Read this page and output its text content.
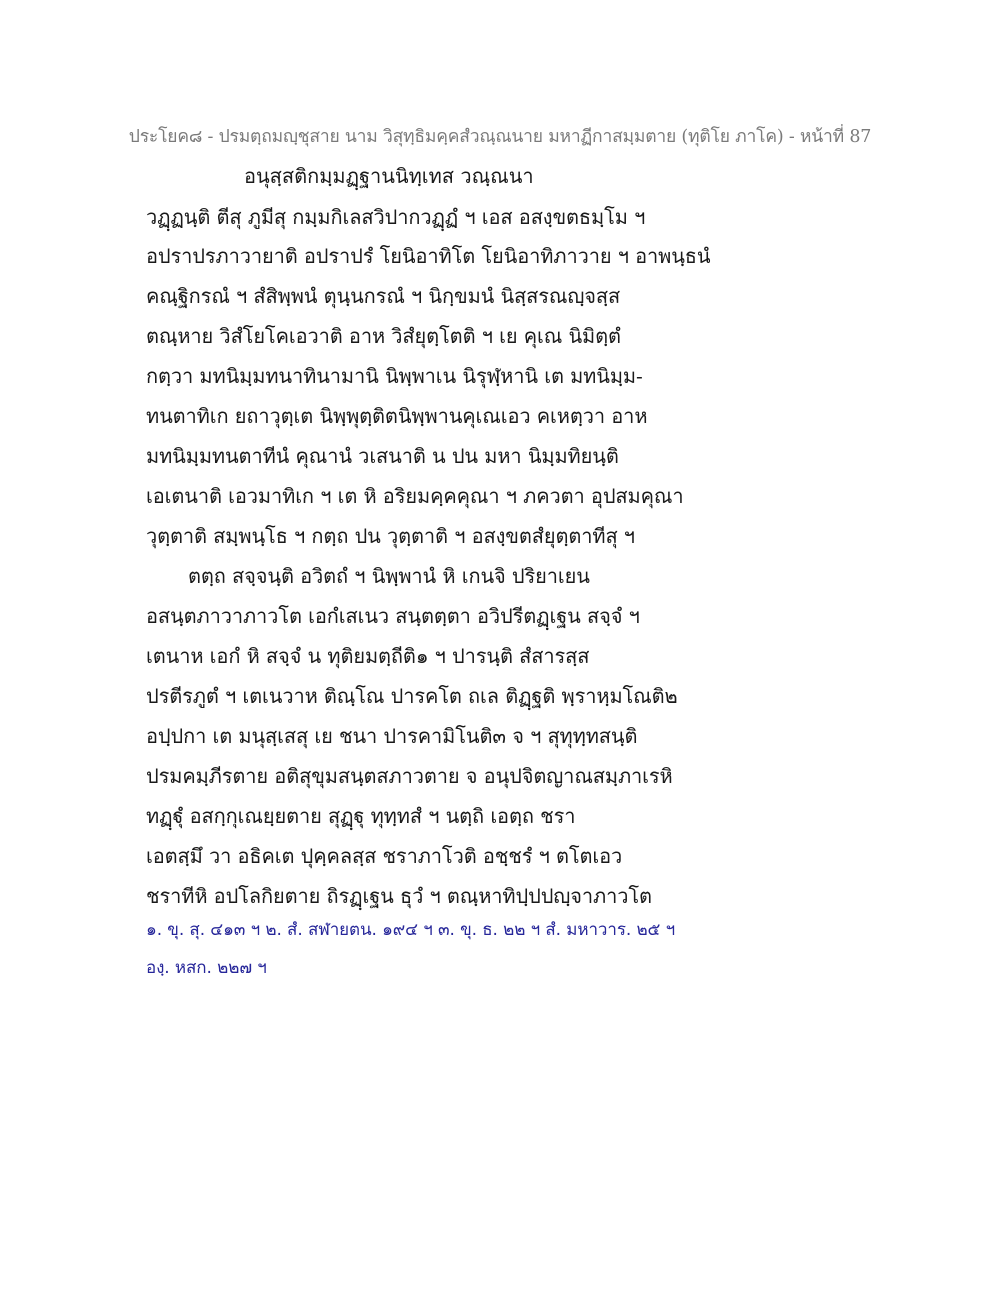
ประโยค๘ - ปรมตฺถมญฺชุสาย นาม วิสุทฺธิมคฺคสํวณฺณนาย มหาฏีกาสมฺมตาย (ทุติโย ภาโค) - หน้าที่ 87
อนุสฺสติกมฺมฏฺฐานนิทฺเทส วณฺณนา
วฏฺฏนฺติ ตีสุ ภูมีสุ กมฺมกิเลสวิปากวฏฺฏํ ฯ เอส อสงฺขตธมฺโม ฯ
อปราปรภาวายาติ อปราปรํ โยนิอาทิโต โยนิอาทิภาวาย ฯ อาพนฺธนํ
คณฺฐิกรณํ ฯ สํสิพฺพนํ ตุนฺนกรณํ ฯ นิกฺขมนํ นิสฺสรณญฺจสฺส
ตณฺหาย วิสํโยโคเอวาติ อาห วิสํยุตฺโตติ ฯ เย คุเณ นิมิตฺตํ
กตฺวา มทนิมฺมทนาทินามานิ นิพฺพาเน นิรุฬฺหานิ เต มทนิมฺม-
ทนตาทิเก ยถาวุตฺเต นิพฺพุตฺติตนิพฺพานคุเณเอว คเหตฺวา อาห
มทนิมฺมทนตาทีนํ คุณานํ วเสนาติ น ปน มหา นิมฺมทิยนฺติ
เอเตนาติ เอวมาทิเก ฯ เต หิ อริยมคฺคคุณา ฯ ภควตา อุปสมคุณา
วุตฺตาติ สมฺพนฺโธ ฯ กตฺถ ปน วุตฺตาติ ฯ อสงฺขตสํยุตฺตาทีสุ ฯ
ตตฺถ สจฺจนฺติ อวิตถํ ฯ นิพฺพานํ หิ เกนจิ ปริยาเยน
อสนฺตภาวาภาวโต เอกํเสเนว สนฺตตฺตา อวิปรีตฏฺเฐน สจฺจํ ฯ
เตนาห เอกํ หิ สจฺจํ น ทุติยมตฺถีติ๑ ฯ ปารนฺติ สํสารสฺส
ปรตีรภูตํ ฯ เตเนวาห ติณฺโณ ปารคโต ถเล ติฏฺฐติ พฺราหฺมโณติ๒
อปฺปกา เต มนุสฺเสสุ เย ชนา ปารคามิโนติ๓ จ ฯ สุทุทฺทสนฺติ
ปรมคมฺภีรตาย อติสุขุมสนฺตสภาวตาย จ อนุปจิตญาณสมฺภาเรหิ
ทฏฺฐุํ อสกฺกุเณยฺยตาย สุฏฺฐุ ทุทฺทสํ ฯ นตฺถิ เอตฺถ ชรา
เอตสฺมึ วา อธิคเต ปุคฺคลสฺส ชราภาโวติ อชฺชรํ ฯ ตโตเอว
ชราทีหิ อปโลกิยตาย ถิรฏฺเฐน ธุวํ ฯ ตณฺหาทิปฺปปญฺจาภาวโต
๑. ขุ. สุ. ๔๑๓ ฯ ๒. สํ. สฬายตน. ๑๙๔ ฯ ๓. ขุ. ธ. ๒๒ ฯ สํ. มหาวาร. ๒๕ ฯ
องฺ. หสก. ๒๒๗ ฯ
